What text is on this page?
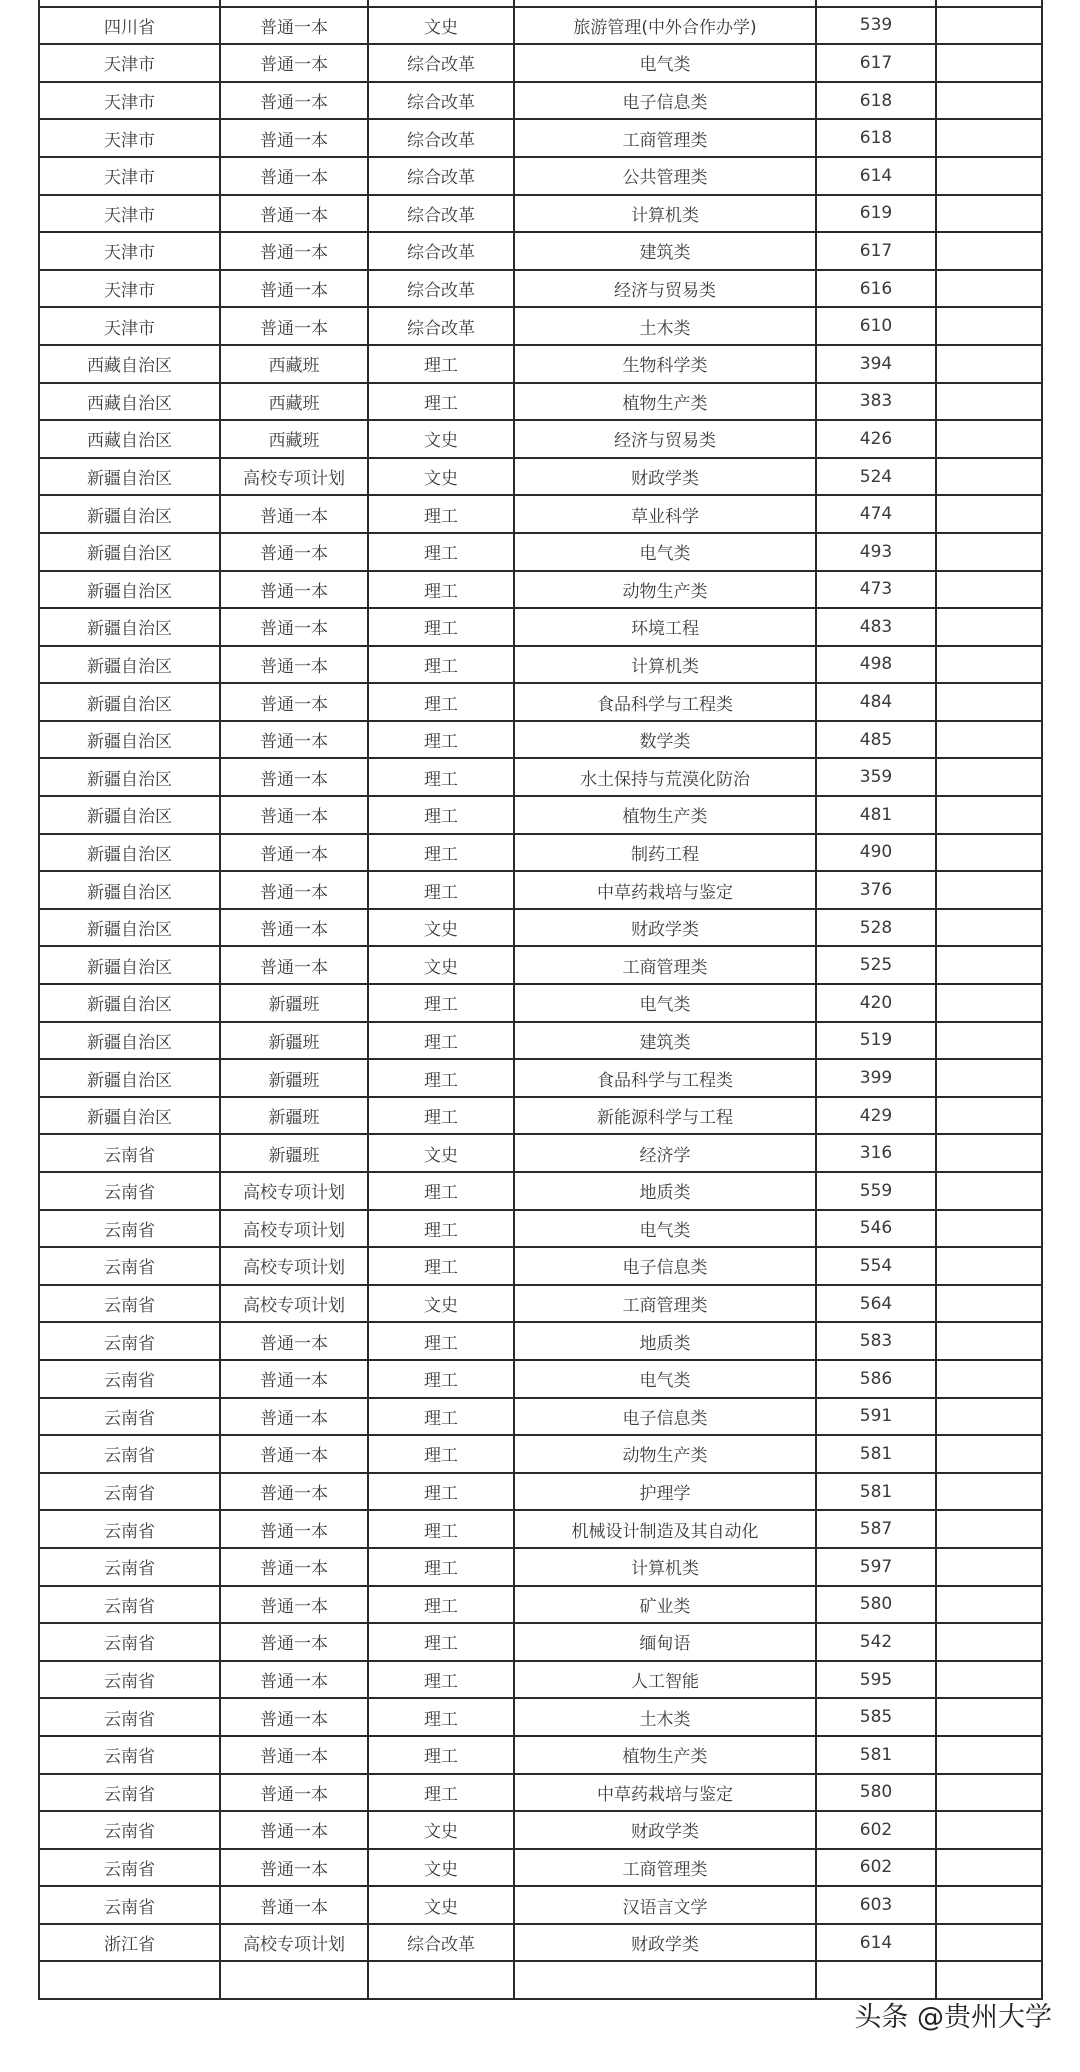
四川省	普通一本	文史	旅游管理(中外合作办学)	539	
天津市	普通一本	综合改革	电气类	617	
天津市	普通一本	综合改革	电子信息类	618	
天津市	普通一本	综合改革	工商管理类	618	
天津市	普通一本	综合改革	公共管理类	614	
天津市	普通一本	综合改革	计算机类	619	
天津市	普通一本	综合改革	建筑类	617	
天津市	普通一本	综合改革	经济与贸易类	616	
天津市	普通一本	综合改革	土木类	610	
西藏自治区	西藏班	理工	生物科学类	394	
西藏自治区	西藏班	理工	植物生产类	383	
西藏自治区	西藏班	文史	经济与贸易类	426	
新疆自治区	高校专项计划	文史	财政学类	524	
新疆自治区	普通一本	理工	草业科学	474	
新疆自治区	普通一本	理工	电气类	493	
新疆自治区	普通一本	理工	动物生产类	473	
新疆自治区	普通一本	理工	环境工程	483	
新疆自治区	普通一本	理工	计算机类	498	
新疆自治区	普通一本	理工	食品科学与工程类	484	
新疆自治区	普通一本	理工	数学类	485	
新疆自治区	普通一本	理工	水土保持与荒漠化防治	359	
新疆自治区	普通一本	理工	植物生产类	481	
新疆自治区	普通一本	理工	制药工程	490	
新疆自治区	普通一本	理工	中草药栽培与鉴定	376	
新疆自治区	普通一本	文史	财政学类	528	
新疆自治区	普通一本	文史	工商管理类	525	
新疆自治区	新疆班	理工	电气类	420	
新疆自治区	新疆班	理工	建筑类	519	
新疆自治区	新疆班	理工	食品科学与工程类	399	
新疆自治区	新疆班	理工	新能源科学与工程	429	
云南省	新疆班	文史	经济学	316	
云南省	高校专项计划	理工	地质类	559	
云南省	高校专项计划	理工	电气类	546	
云南省	高校专项计划	理工	电子信息类	554	
云南省	高校专项计划	文史	工商管理类	564	
云南省	普通一本	理工	地质类	583	
云南省	普通一本	理工	电气类	586	
云南省	普通一本	理工	电子信息类	591	
云南省	普通一本	理工	动物生产类	581	
云南省	普通一本	理工	护理学	581	
云南省	普通一本	理工	机械设计制造及其自动化	587	
云南省	普通一本	理工	计算机类	597	
云南省	普通一本	理工	矿业类	580	
云南省	普通一本	理工	缅甸语	542	
云南省	普通一本	理工	人工智能	595	
云南省	普通一本	理工	土木类	585	
云南省	普通一本	理工	植物生产类	581	
云南省	普通一本	理工	中草药栽培与鉴定	580	
云南省	普通一本	文史	财政学类	602	
云南省	普通一本	文史	工商管理类	602	
云南省	普通一本	文史	汉语言文学	603	
浙江省	高校专项计划	综合改革	财政学类	614	

头条 @贵州大学
